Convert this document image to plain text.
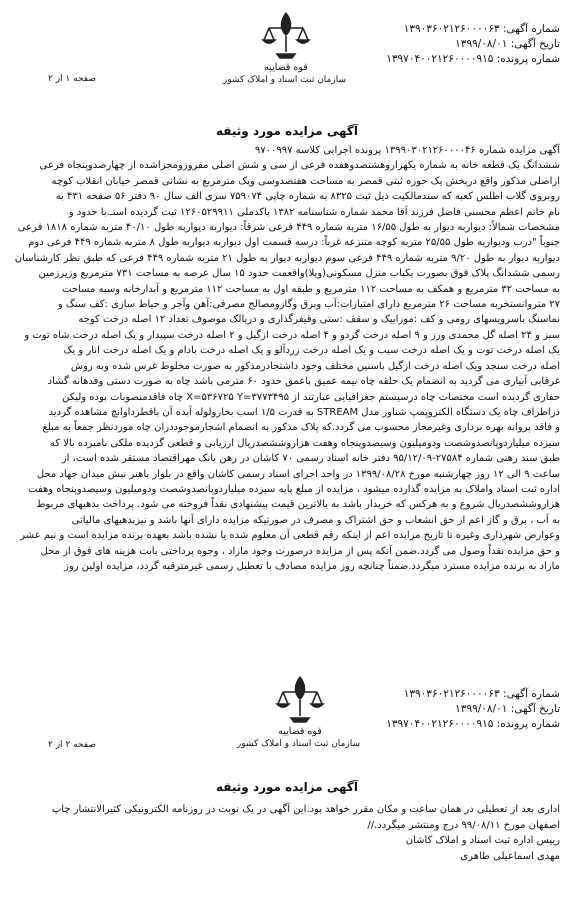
شماره آگهی: ۱۳۹۰۳۶۰۲۱۲۶۰۰۰۰۶۳
تاریخ آگهی: ۱۳۹۹/۰۸/۰۱
شماره پرونده: ۱۳۹۷۰۴۰۰۲۱۲۶۰۰۰۰۹۱۵
قوه قضاییه
سازمان ثبت اسناد و املاک کشور
صفحه ۱ از ۲
آگهی مزایده مورد وثیقه
آگهی مزایده شماره ۱۳۹۹۰۳۰۲۱۲۶۰۰۰۰۴۶ پرونده اجرایی کلاسه ۹۷۰۰۹۹۷
ششدانگ یک قطعه خانه به شماره یکهزاروهشتصدوهفده فرعی از سی و شش اصلی مفروزومجزاشده از چهارصدوپنجاه فرعی
ازاصلی مذکور واقع دربخش یک حوزه ثبتی قمصر به مساحت هفتصدوسی ویک مترمربع به نشانی قمصر خیابان انقلاب کوچه
روبروی گلاب اطلس کعبه که سندمالکیت ذیل ثبت ۸۳۲۵ به شماره چاپی ۷۵۹۰۷۴ سری الف سال ۹۰ دفتر ۵۶ صفحه ۴۳۱ به
نام خانم اعظم محسنی فاضل فرزند آقا محمد شماره شناسنامه ۱۳۸۲ باکدملی ۱۲۶۰۵۲۹۹۱۱ ثبت گردیده استـ.با حدود و
مشخصات شمالاً: دیواربه دیوار به طول ۱۶/۵۵ متربه شماره ۴۴۹ فرعی شرقاً: دیواربه دیواربه طول ۴۰/۱۰ متربه شماره ۱۸۱۸ فرعی
جنوباً "درب ودیواربه طول ۲۵/۵۵ متربه کوچه متنزعه غرباً: درسه قسمت اول دیواربه دیواربه طول ۸ متربه شماره ۴۴۹ فرعی دوم
دیواربه دیوار به طول ۹/۲۰ متربه شماره ۴۴۹ فرعی سوم دیواربه دیوار به طول ۲۱ متربه شماره ۴۴۹ فرعی که طبق نظر کارشناسان
رسمی ششدانگ پلاک فوق بصورت یکباب منزل مسکونی(ویلا)واقعمت حدود ۱۵ سال عرصه به مساحت ۷۳۱ مترمربع وزیرزمین
به مساحت ۳۲ مترمربع و همکف به مساحت ۱۱۲ مترمربع و طبقه اول به مساحت ۱۱۲ مترمربع و آبدارخانه وسبه مساحت
۲۷ متروانستخربه مساحت ۲۶ مترمربع دارای امتیازات:آب وبرق وگازومصالح مصرفی:آهن وآجر و حیاط سازی :کف سنگ و
نماسنگ باسرویسهای رومی و کف :موزاییک و سقف :ستی وقیفرگذاری و دریالک موصوف تعداد ۱۲ اصله درخت کوجه
سبز و ۲۴ اصله گل محمدی ورز و ۹ اصله درخت گردو و ۴ اصله درخت ازگیل و ۲ اصله درخت سپیدار و یک اصله درخت شاه توت و
یک اصله درخت توت و یک اصله درخت سیب و یک اصله درخت زردآلو و یک اصله درخت بادام و یک اصله درخت انار و یک
اصله درخت سنجد ویک اصله درخت ازگیل باسنین مختلف وجود داشتجادرمذکور به صورت مخلوط غرس شده وبه روش
غرقابی آبیاری می گردید به انضمام یک حلقه چاه نیمه عمیق باعمق حدود ۶۰ مترمی باشد چاه به صورت دستی وفدهانه گشاد
حفاری گردیده است مختصات چاه درسیستم جغرافیایی عبارتند از X=۵۳۶۷۲۵ Y=۳۷۷۳۴۹۵ چاه فاقدمنصوبات بوده ولیکن
دراطراف چاه یک دستگاه الکتروپمپ شناور مدل STREAM به قدرت ۱/۵ اسب بخارولوله آبده آن باقطرداوانچ مشاهده گردید
و فاقد پروانه بهره برداری وغیرمجاز محسوب می گردد.که پلاک مذکور به انضمام اشجارموجوددران چاه موردنظر جمعاً به مبلغ
سیزده میلیاردوپانصدوشصت ودومیلیون وسیصدوپنجاه وهفت هزاروششصدریال ارزیابی و قطعی گردیده ملکی نامبرده بالا که
طبق سند رهنی شماره ۲۷۵۸۴-۹۵/۱۲/۰۹ دفتر خانه اسناد رسمی ۷۰ کاشان در رهن بانک مهراقتصاد مستقر شده است، از
ساعت ۹ الی ۱۲ روز چهارشنبه مورخ ۱۳۹۹/۰۸/۲۸ در واحد اجرای اسناد رسمی کاشان واقع در بلوار باهنر نبش میدان جهاد محل
اداره ثبت اسناد واملاک به مزایده گذارده میشود ، مزایده از مبلغ پایه سیزده میلیاردوپانصدوشصت ودومیلیون وسیصدوپنجاه وهفت
هزاروششصدریال شروع و به هرکس که خریدار باشد به بالاترین قیمت پیشنهادی نقداً فروخته می شود. پرداخت بدهیهای مربوط
به آب ، برق و گاز اعم از حق انشعاب و حق اشتراک و مصرف در صورتیکه مزایده دارای آنها باشد و نیزبدهیهای مالیاتی
وعوارض شهرداری وغیره تا تاریخ مزایده اعم از اینکه رقم قطعی آن معلوم شده یا نشده باشد بعهده برنده مزایده است و نیم عشر
و حق مزایده نقداً وصول می گردد.ضمن آنکه پس از مزایده درصورت وجود مازاد ، وجوه پرداختی بابت هزینه های فوق از محل
مازاد به برنده مزایده مسترد میگردد.ضمناً چنانچه روز مزایده مصادف با تعطیل رسمی غیرمترقبه گردد، مزایده اولین روز
شماره آگهی: ۱۳۹۰۳۶۰۲۱۲۶۰۰۰۰۶۳
تاریخ آگهی: ۱۳۹۹/۰۸/۰۱
شماره پرونده: ۱۳۹۷۰۴۰۰۲۱۲۶۰۰۰۰۹۱۵
قوه قضاییه
سازمان ثبت اسناد و املاک کشور
صفحه ۲ از ۲
آگهی مزایده مورد وثیقه
اداری بعد از تعطیلی در همان ساعت و مکان مقرر خواهد بود.این آگهی در یک نوبت در روزنامه الکترونیکی کثیرالانتشار چاپ
اصفهان مورخ ۹۹/۰۸/۱۱ درج ومنتشر میگردد.//
رییس اداره ثبت اسناد و املاک کاشان
مهدی اسماعیلی طاهری
